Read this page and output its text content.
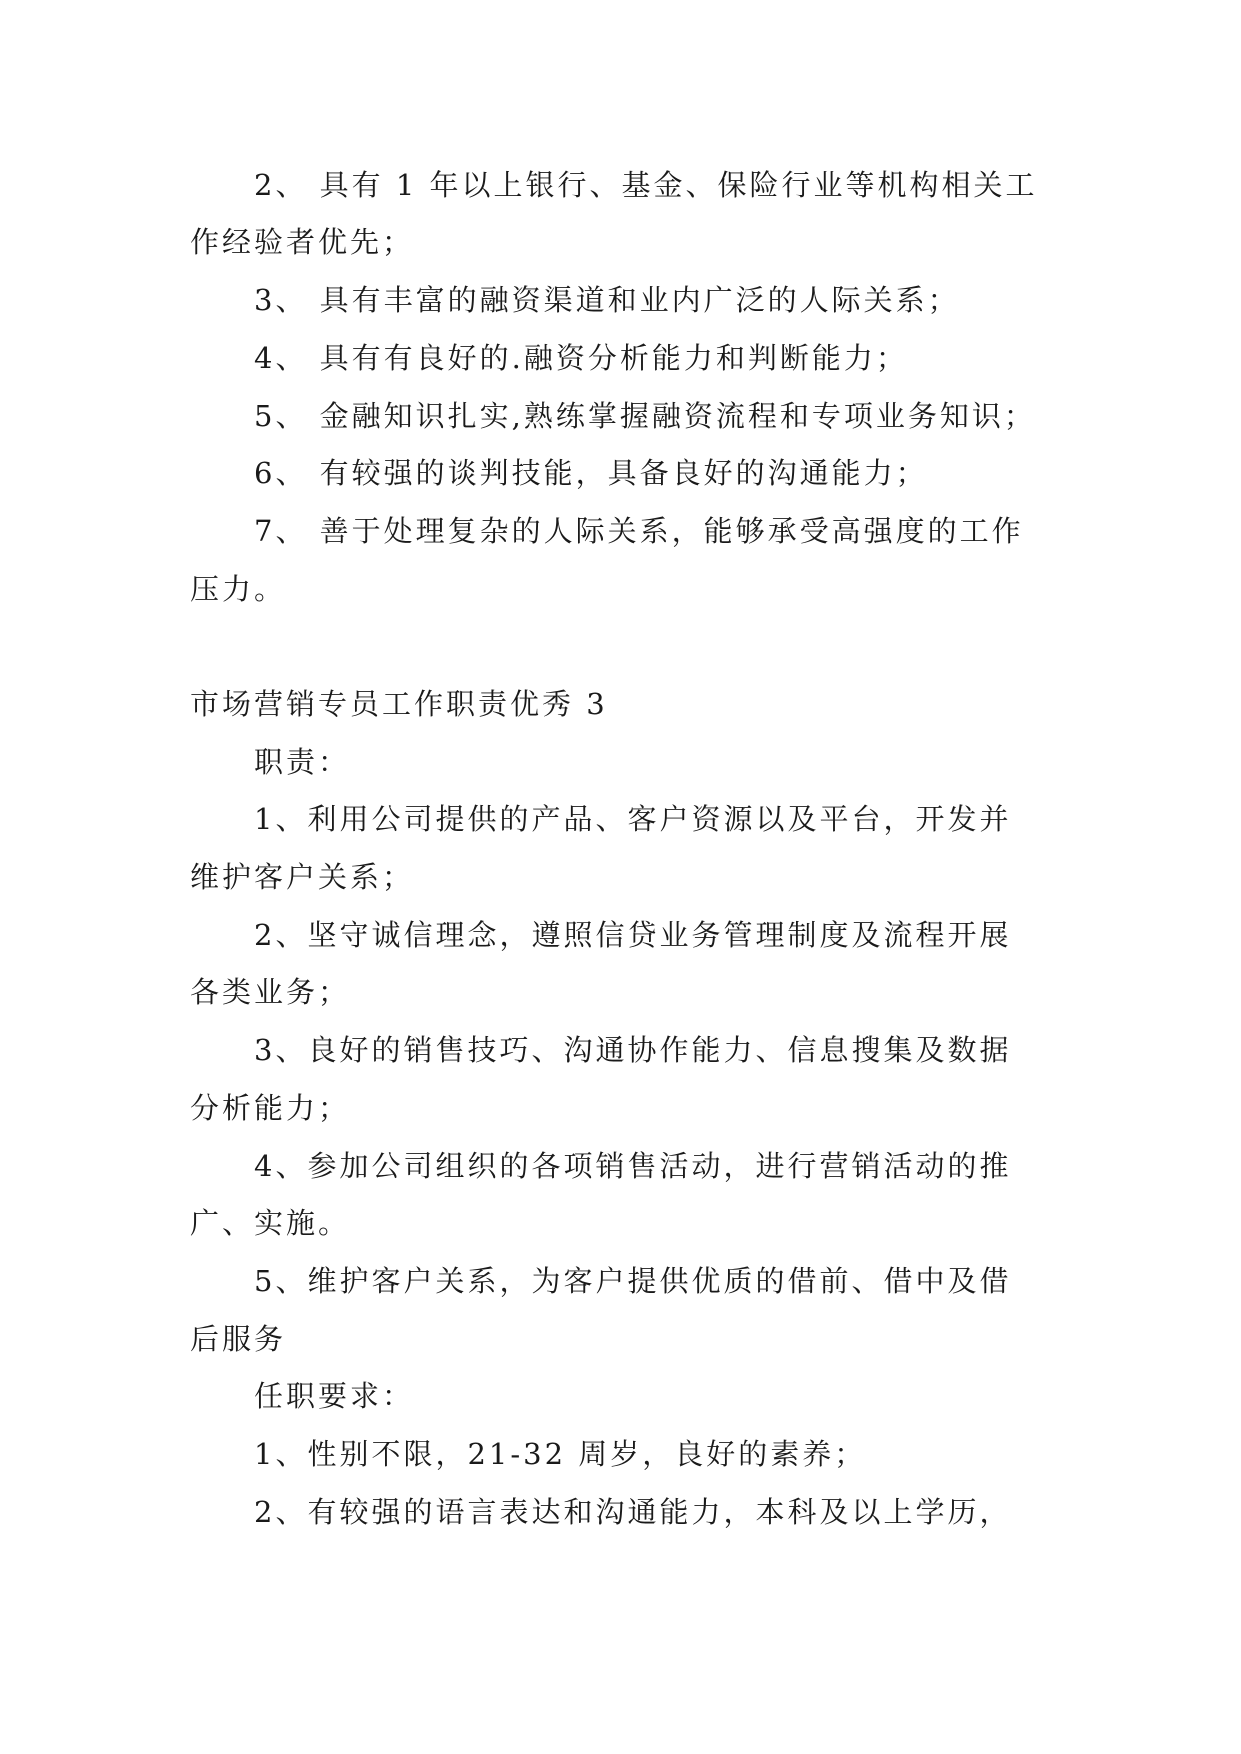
2、 具有 1 年以上银行、基金、保险行业等机构相关工
作经验者优先；
3、 具有丰富的融资渠道和业内广泛的人际关系；
4、 具有有良好的.融资分析能力和判断能力；
5、 金融知识扎实,熟练掌握融资流程和专项业务知识；
6、 有较强的谈判技能，具备良好的沟通能力；
7、 善于处理复杂的人际关系，能够承受高强度的工作
压力。
市场营销专员工作职责优秀 3
职责：
1、利用公司提供的产品、客户资源以及平台，开发并
维护客户关系；
2、坚守诚信理念，遵照信贷业务管理制度及流程开展
各类业务；
3、良好的销售技巧、沟通协作能力、信息搜集及数据
分析能力；
4、参加公司组织的各项销售活动，进行营销活动的推
广、实施。
5、维护客户关系，为客户提供优质的借前、借中及借
后服务
任职要求：
1、性别不限，21-32 周岁，良好的素养；
2、有较强的语言表达和沟通能力，本科及以上学历，
